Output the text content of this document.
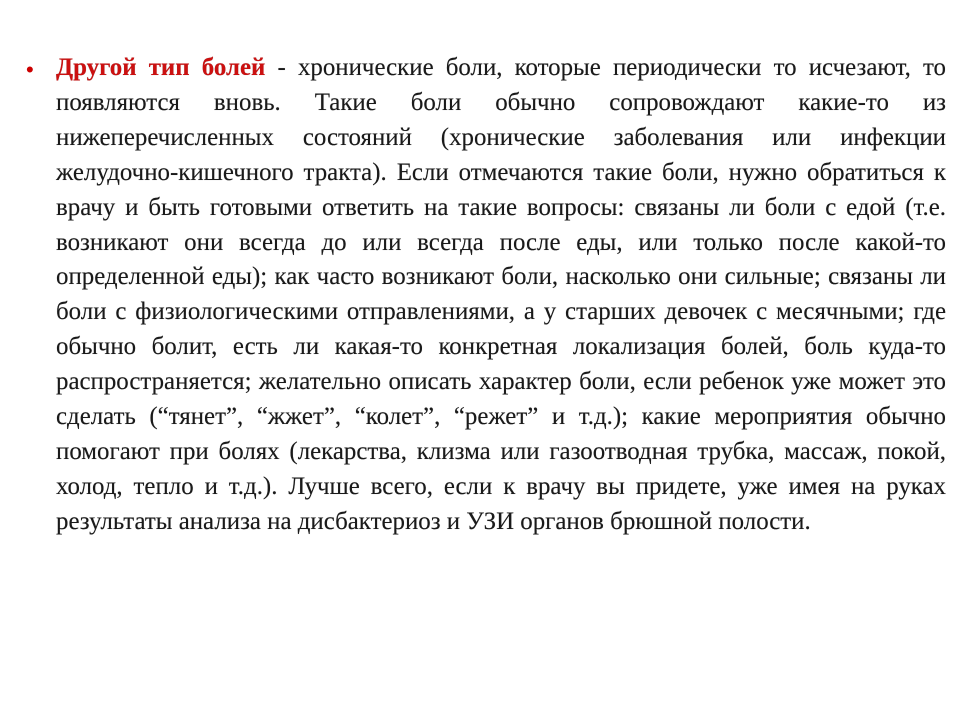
• Другой тип болей - хронические боли, которые периодически то исчезают, то появляются вновь. Такие боли обычно сопровождают какие-то из нижеперечисленных состояний (хронические заболевания или инфекции желудочно-кишечного тракта). Если отмечаются такие боли, нужно обратиться к врачу и быть готовыми ответить на такие вопросы: связаны ли боли с едой (т.е. возникают они всегда до или всегда после еды, или только после какой-то определенной еды); как часто возникают боли, насколько они сильные; связаны ли боли с физиологическими отправлениями, а у старших девочек с месячными; где обычно болит, есть ли какая-то конкретная локализация болей, боль куда-то распространяется; желательно описать характер боли, если ребенок уже может это сделать (“тянет”, “жжет”, “колет”, “режет” и т.д.); какие мероприятия обычно помогают при болях (лекарства, клизма или газоотводная трубка, массаж, покой, холод, тепло и т.д.). Лучше всего, если к врачу вы придете, уже имея на руках результаты анализа на дисбактериоз и УЗИ органов брюшной полости.
